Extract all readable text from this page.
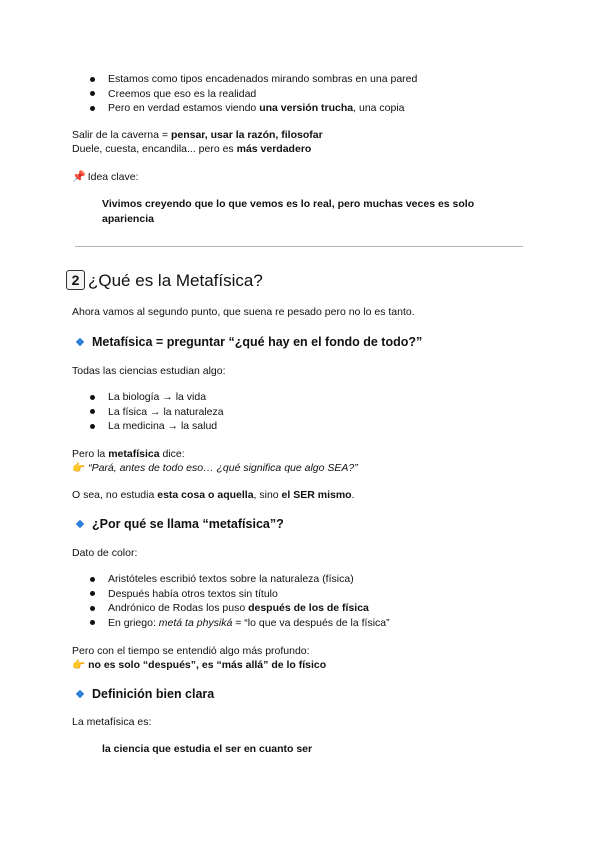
Estamos como tipos encadenados mirando sombras en una pared
Creemos que eso es la realidad
Pero en verdad estamos viendo una versión trucha, una copia

Salir de la caverna = pensar, usar la razón, filosofar
Duele, cuesta, encandila... pero es más verdadero

📌 Idea clave:

Vivimos creyendo que lo que vemos es lo real, pero muchas veces es solo
apariencia
2 ¿Qué es la Metafísica?

Ahora vamos al segundo punto, que suena re pesado pero no lo es tanto.

Metafísica = preguntar “¿qué hay en el fondo de todo?”

Todas las ciencias estudian algo:

La biología → la vida
La física → la naturaleza
La medicina → la salud

Pero la metafísica dice:
👉 “Pará, antes de todo eso… ¿qué significa que algo SEA?”

O sea, no estudia esta cosa o aquella, sino el SER mismo.

¿Por qué se llama “metafísica”?

Dato de color:

Aristóteles escribió textos sobre la naturaleza (física)
Después había otros textos sin título
Andrónico de Rodas los puso después de los de física
En griego: metá ta physiká = “lo que va después de la física”

Pero con el tiempo se entendió algo más profundo:
👉 no es solo “después”, es “más allá” de lo físico

Definición bien clara

La metafísica es:

la ciencia que estudia el ser en cuanto ser
